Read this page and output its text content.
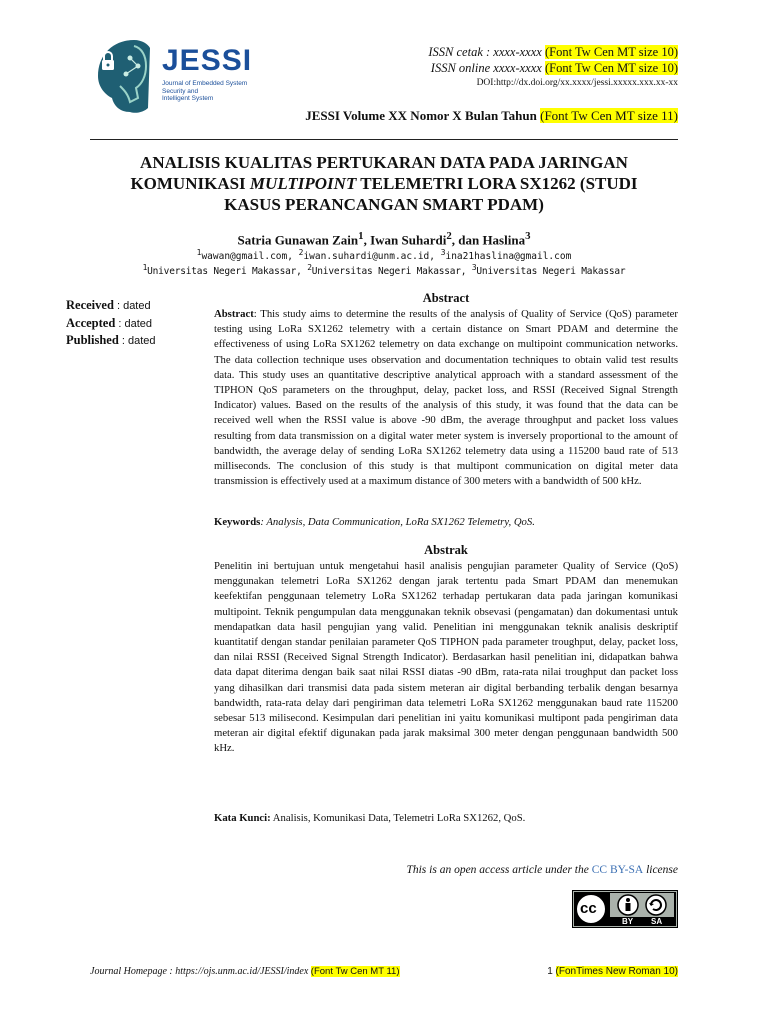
JESSI
Journal of Embedded System
Security and
Intelligent System
ISSN cetak : xxxx-xxxx (Font Tw Cen MT size 10)
ISSN online xxxx-xxxx (Font Tw Cen MT size 10)
DOI:http://dx.doi.org/xx.xxxx/jessi.xxxxx.xxx.xx-xx
JESSI Volume XX Nomor X Bulan Tahun (Font Tw Cen MT size 11)
ANALISIS KUALITAS PERTUKARAN DATA PADA JARINGAN KOMUNIKASI MULTIPOINT TELEMETRI LORA SX1262 (STUDI KASUS PERANCANGAN SMART PDAM)
Satria Gunawan Zain$^1$, Iwan Suhardi$^2$, dan Haslina$^3$
$^1$wawan@gmail.com, $^2$iwan.suhardi@unm.ac.id, $^3$ina21haslina@gmail.com
$^1$Universitas Negeri Makassar, $^2$Universitas Negeri Makassar, $^3$Universitas Negeri Makassar
Received : dated
Accepted : dated
Published : dated
Abstract
Abstract: This study aims to determine the results of the analysis of Quality of Service (QoS) parameter testing using LoRa SX1262 telemetry with a certain distance on Smart PDAM and determine the effectiveness of using LoRa SX1262 telemetry on data exchange on multipoint communication networks. The data collection technique uses observation and documentation techniques to obtain valid test results data. This study uses an quantitative descriptive analytical approach with a standard assessment of the TIPHON QoS parameters on the throughput, delay, packet loss, and RSSI (Received Signal Strength Indicator) values. Based on the results of the analysis of this study, it was found that the data can be received well when the RSSI value is above -90 dBm, the average throughput and packet loss values resulting from data transmission on a digital water meter system is inversely proportional to the amount of bandwidth, the average delay of sending LoRa SX1262 telemetry data using a 115200 baud rate of 513 milliseconds. The conclusion of this study is that multipont communication on digital meter data transmission is effectively used at a maximum distance of 300 meters with a bandwidth of 500 kHz.
Keywords: Analysis, Data Communication, LoRa SX1262 Telemetry, QoS.
Abstrak
Penelitin ini bertujuan untuk mengetahui hasil analisis pengujian parameter Quality of Service (QoS) menggunakan telemetri LoRa SX1262 dengan jarak tertentu pada Smart PDAM dan menemukan keefektifan penggunaan telemetry LoRa SX1262 terhadap pertukaran data pada jaringan komunikasi multipoint. Teknik pengumpulan data menggunakan teknik obsevasi (pengamatan) dan dokumentasi untuk mendapatkan data hasil pengujian yang valid. Penelitian ini menggunakan teknik analisis deskriptif kuantitatif dengan standar penilaian parameter QoS TIPHON pada parameter troughput, delay, packet loss, dan nilai RSSI (Received Signal Strength Indicator). Berdasarkan hasil penelitian ini, didapatkan bahwa data dapat diterima dengan baik saat nilai RSSI diatas -90 dBm, rata-rata nilai troughput dan packet loss yang dihasilkan dari transmisi data pada sistem meteran air digital berbanding terbalik dengan besarnya bandwidth, rata-rata delay dari pengiriman data telemetri LoRa SX1262 menggunakan baud rate 115200 sebesar 513 milisecond. Kesimpulan dari penelitian ini yaitu komunikasi multipont pada pengiriman data meteran air digital efektif digunakan pada jarak maksimal 300 meter dengan penggunaan bandwidth 500 kHz.
Kata Kunci: Analisis, Komunikasi Data, Telemetri LoRa SX1262, QoS.
This is an open access article under the CC BY-SA license
cc
BY SA
Journal Homepage : https://ojs.unm.ac.id/JESSI/index (Font Tw Cen MT 11)	1 (FonTimes New Roman 10)
